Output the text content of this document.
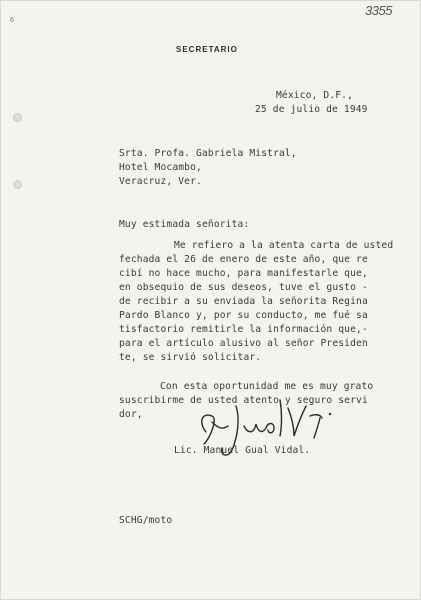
6
3355
SECRETARIO
México, D.F.,
25 de julio de 1949
Srta. Profa. Gabriela Mistral,
Hotel Mocambo,
Veracruz, Ver.
Muy estimada señorita:
Me refiero a la atenta carta de usted
fechada el 26 de enero de este año, que re
cibí no hace mucho, para manifestarle que,
en obsequio de sus deseos, tuve el gusto -
de recibir a su enviada la señorita Regina
Pardo Blanco y, por su conducto, me fué sa
tisfactorio remitirle la información que,-
para el artículo alusivo al señor Presiden
te, se sirvió solicitar.
Con esta oportunidad me es muy grato
suscribirme de usted atento y seguro servi
dor,
Lic. Manuel Gual Vidal.
SCHG/moto
